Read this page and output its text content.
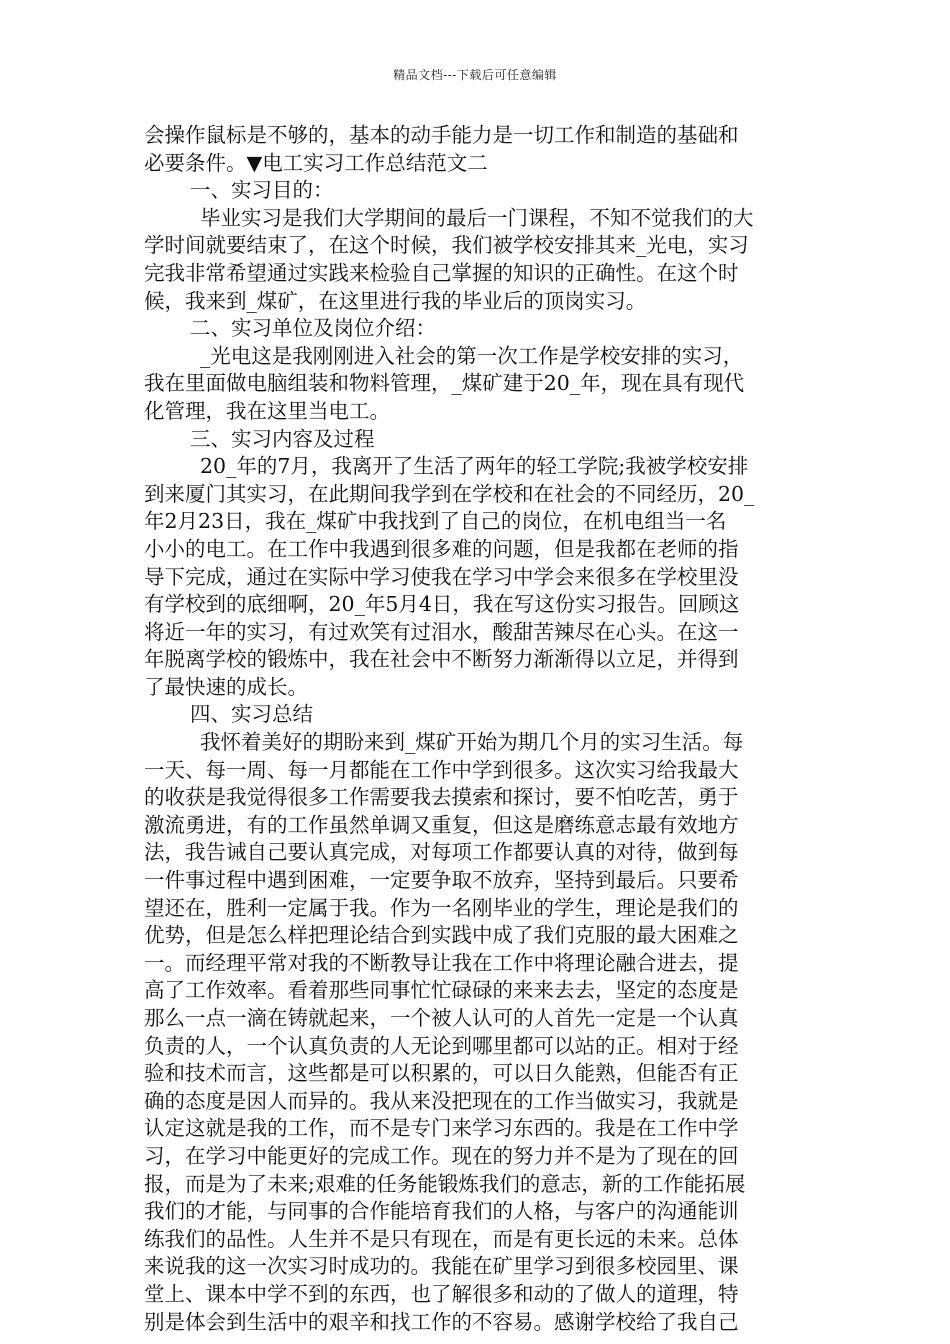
精品文档---下载后可任意编辑
会操作鼠标是不够的，基本的动手能力是一切工作和制造的基础和
必要条件。▼电工实习工作总结范文二
一、实习目的：
毕业实习是我们大学期间的最后一门课程，不知不觉我们的大
学时间就要结束了，在这个时候，我们被学校安排其来_光电，实习
完我非常希望通过实践来检验自己掌握的知识的正确性。在这个时
候，我来到_煤矿，在这里进行我的毕业后的顶岗实习。
二、实习单位及岗位介绍：
_光电这是我刚刚进入社会的第一次工作是学校安排的实习，
我在里面做电脑组装和物料管理，_煤矿建于20_年，现在具有现代
化管理，我在这里当电工。
三、实习内容及过程
20_年的7月，我离开了生活了两年的轻工学院;我被学校安排
到来厦门其实习，在此期间我学到在学校和在社会的不同经历，20_
年2月23日，我在_煤矿中我找到了自己的岗位，在机电组当一名
小小的电工。在工作中我遇到很多难的问题，但是我都在老师的指
导下完成，通过在实际中学习使我在学习中学会来很多在学校里没
有学校到的底细啊，20_年5月4日，我在写这份实习报告。回顾这
将近一年的实习，有过欢笑有过泪水，酸甜苦辣尽在心头。在这一
年脱离学校的锻炼中，我在社会中不断努力渐渐得以立足，并得到
了最快速的成长。
四、实习总结
我怀着美好的期盼来到_煤矿开始为期几个月的实习生活。每
一天、每一周、每一月都能在工作中学到很多。这次实习给我最大
的收获是我觉得很多工作需要我去摸索和探讨，要不怕吃苦，勇于
激流勇进，有的工作虽然单调又重复，但这是磨练意志最有效地方
法，我告诫自己要认真完成，对每项工作都要认真的对待，做到每
一件事过程中遇到困难，一定要争取不放弃，坚持到最后。只要希
望还在，胜利一定属于我。作为一名刚毕业的学生，理论是我们的
优势，但是怎么样把理论结合到实践中成了我们克服的最大困难之
一。而经理平常对我的不断教导让我在工作中将理论融合进去，提
高了工作效率。看着那些同事忙忙碌碌的来来去去，坚定的态度是
那么一点一滴在铸就起来，一个被人认可的人首先一定是一个认真
负责的人，一个认真负责的人无论到哪里都可以站的正。相对于经
验和技术而言，这些都是可以积累的，可以日久能熟，但能否有正
确的态度是因人而异的。我从来没把现在的工作当做实习，我就是
认定这就是我的工作，而不是专门来学习东西的。我是在工作中学
习，在学习中能更好的完成工作。现在的努力并不是为了现在的回
报，而是为了未来;艰难的任务能锻炼我们的意志，新的工作能拓展
我们的才能，与同事的合作能培育我们的人格，与客户的沟通能训
练我们的品性。人生并不是只有现在，而是有更长远的未来。总体
来说我的这一次实习时成功的。我能在矿里学习到很多校园里、课
堂上、课本中学不到的东西，也了解很多和动的了做人的道理，特
别是体会到生活中的艰辛和找工作的不容易。感谢学校给了我自己
